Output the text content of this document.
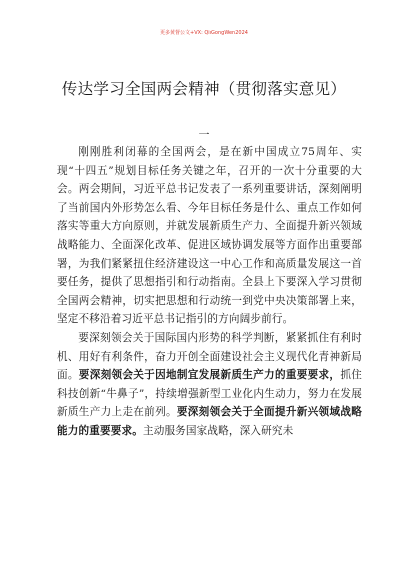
更多黄督公文+VX: QiıGongWen2024
传达学习全国两会精神（贯彻落实意见）
一

刚刚胜利闭幕的全国两会，是在新中国成立75周年、实现“十四五”规划目标任务关键之年，召开的一次十分重要的大会。两会期间，习近平总书记发表了一系列重要讲话，深刻阐明了当前国内外形势怎么看、今年目标任务是什么、重点工作如何落实等重大方向原则，并就发展新质生产力、全面提升新兴领域战略能力、全面深化改革、促进区域协调发展等方面作出重要部署，为我们紧紧扭住经济建设这一中心工作和高质量发展这一首要任务，提供了思想指引和行动指南。全县上下要深入学习贯彻全国两会精神，切实把思想和行动统一到党中央决策部署上来，坚定不移沿着习近平总书记指引的方向阔步前行。

要深刻领会关于国际国内形势的科学判断，紧紧抓住有利时机、用好有利条件，奋力开创全面建设社会主义现代化青神新局面。要深刻领会关于因地制宜发展新质生产力的重要要求，抓住科技创新“牛鼻子”，持续增强新型工业化内生动力，努力在发展新质生产力上走在前列。要深刻领会关于全面提升新兴领域战略能力的重要要求。主动服务国家战略，深入研究未
